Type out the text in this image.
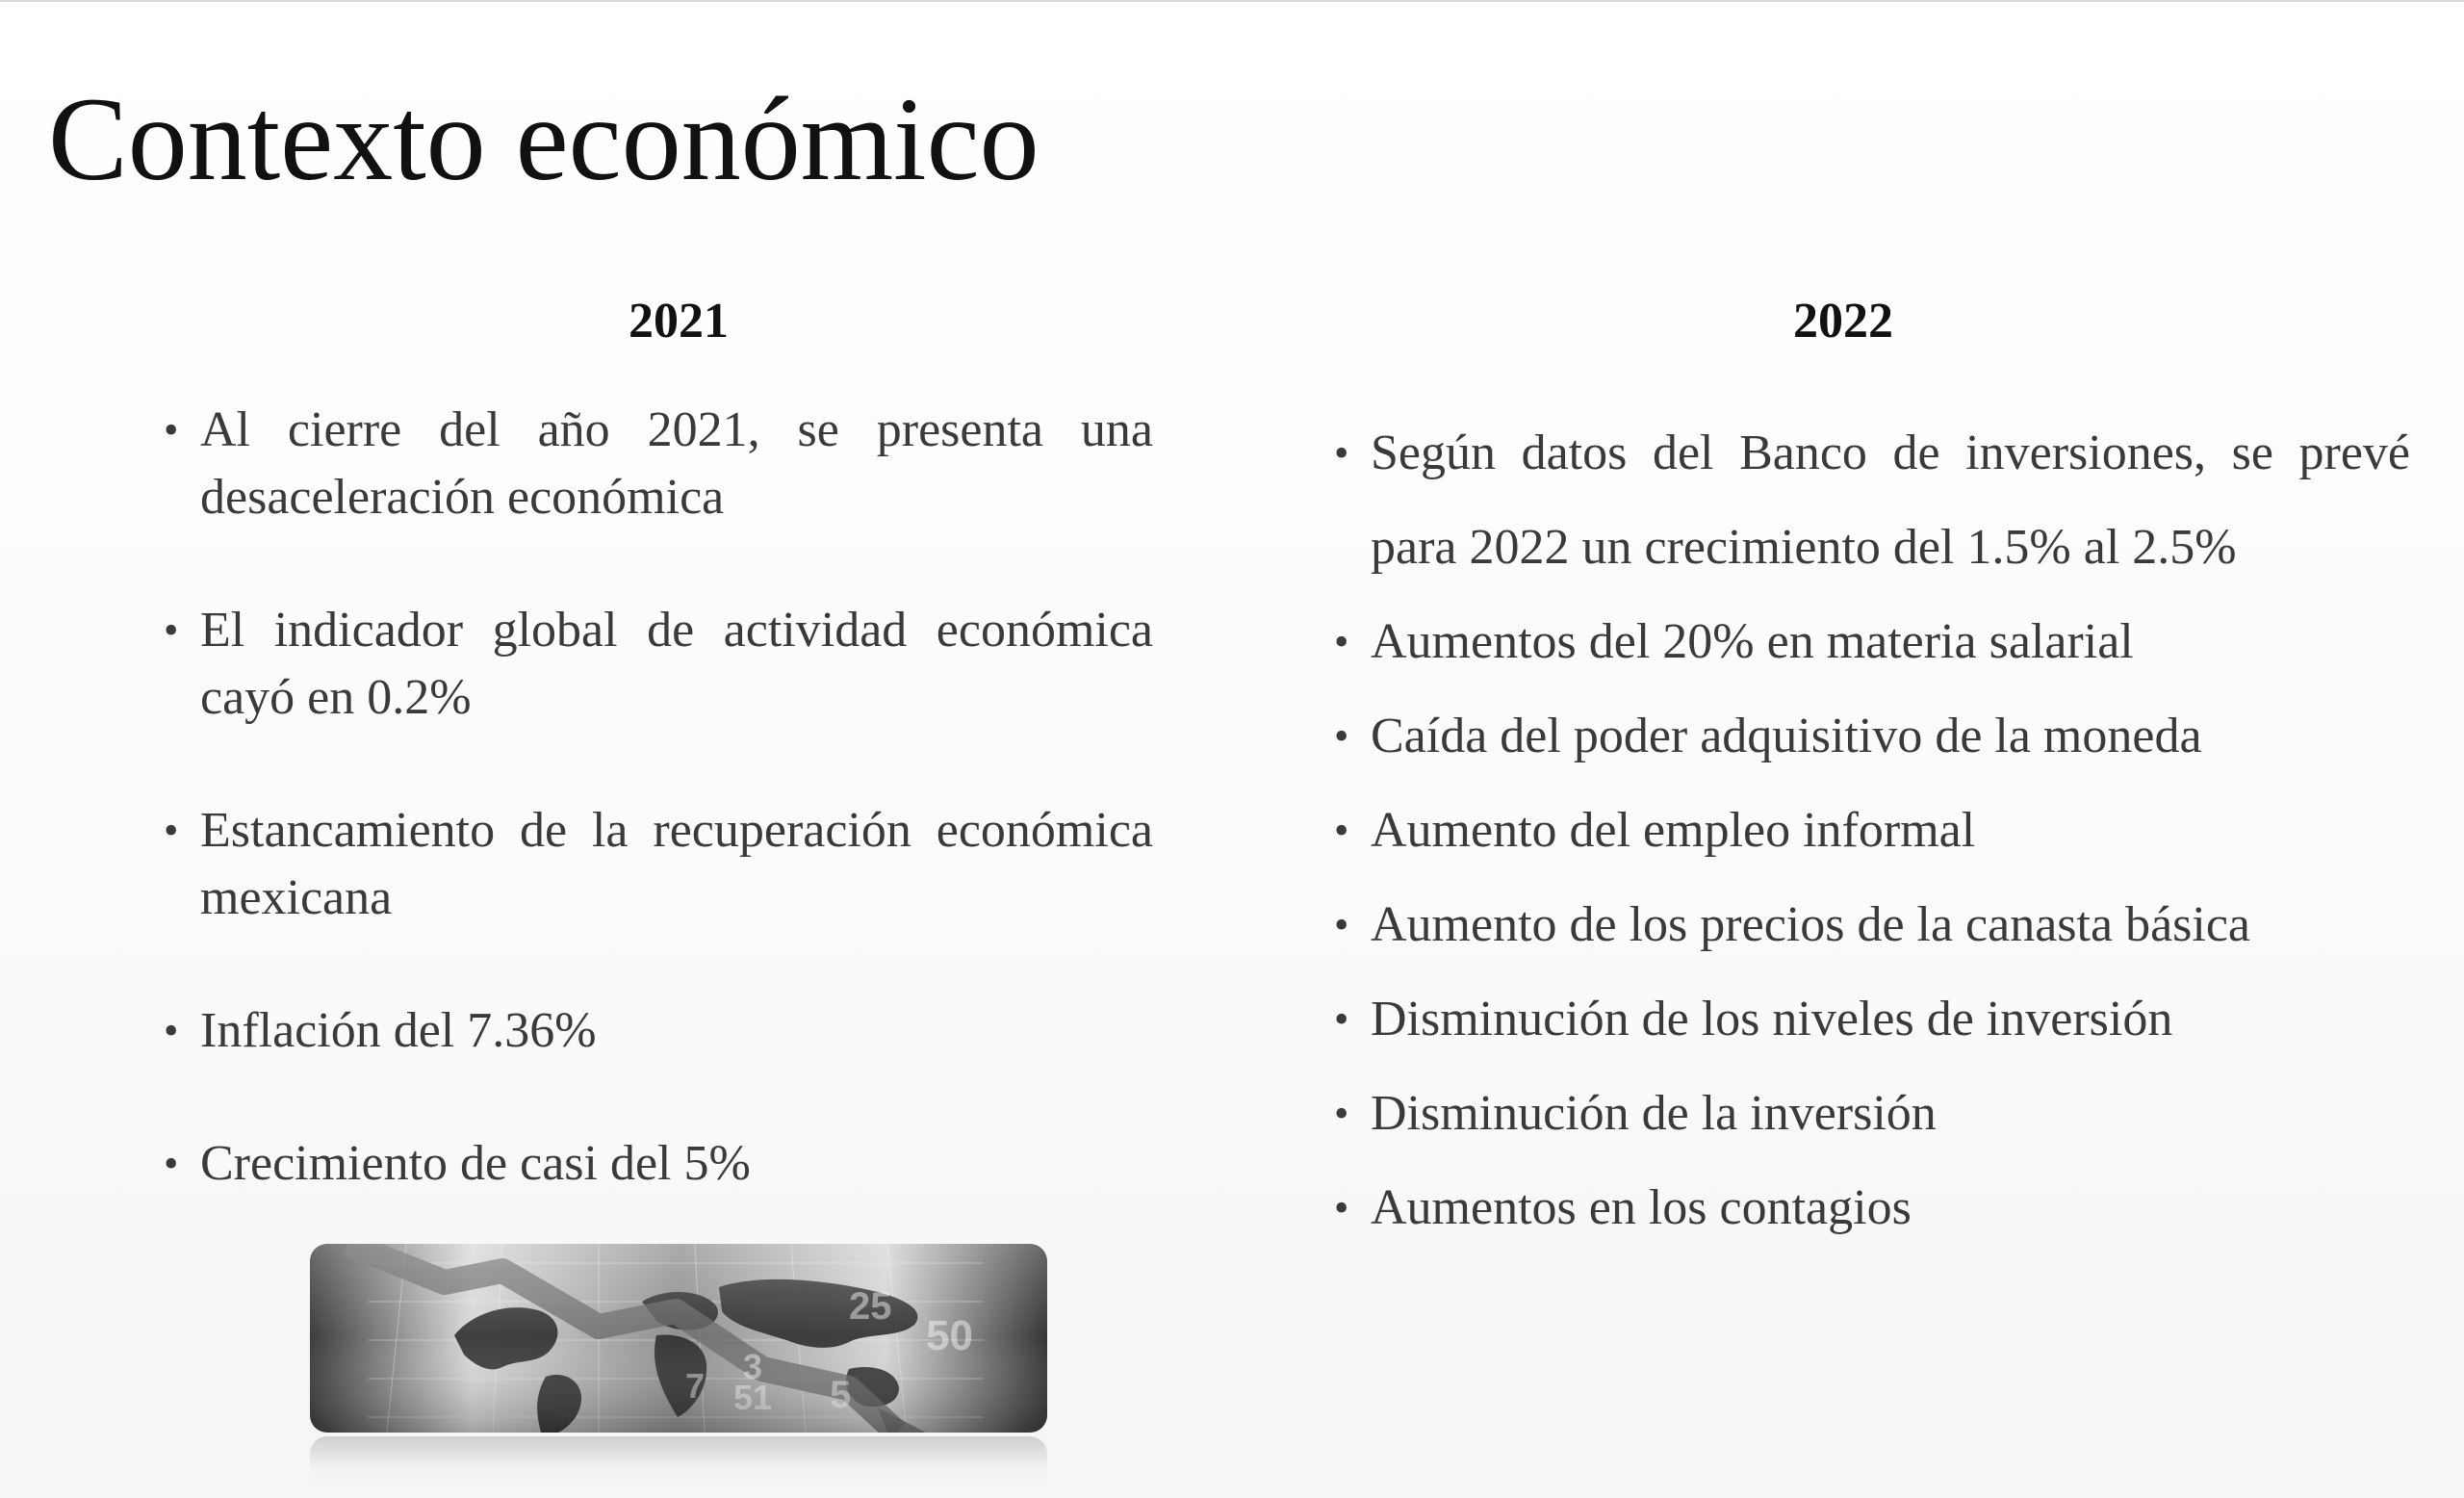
Contexto económico
2021	2022
• Al cierre del año 2021, se presenta una desaceleración económica
• El indicador global de actividad económica cayó en 0.2%
• Estancamiento de la recuperación económica mexicana
• Inflación del 7.36%
• Crecimiento de casi del 5%
• Según datos del Banco de inversiones, se prevé para 2022 un crecimiento del 1.5% al 2.5%
• Aumentos del 20% en materia salarial
• Caída del poder adquisitivo de la moneda
• Aumento del empleo informal
• Aumento de los precios de la canasta básica
• Disminución de los niveles de inversión
• Disminución de la inversión
• Aumentos en los contagios
